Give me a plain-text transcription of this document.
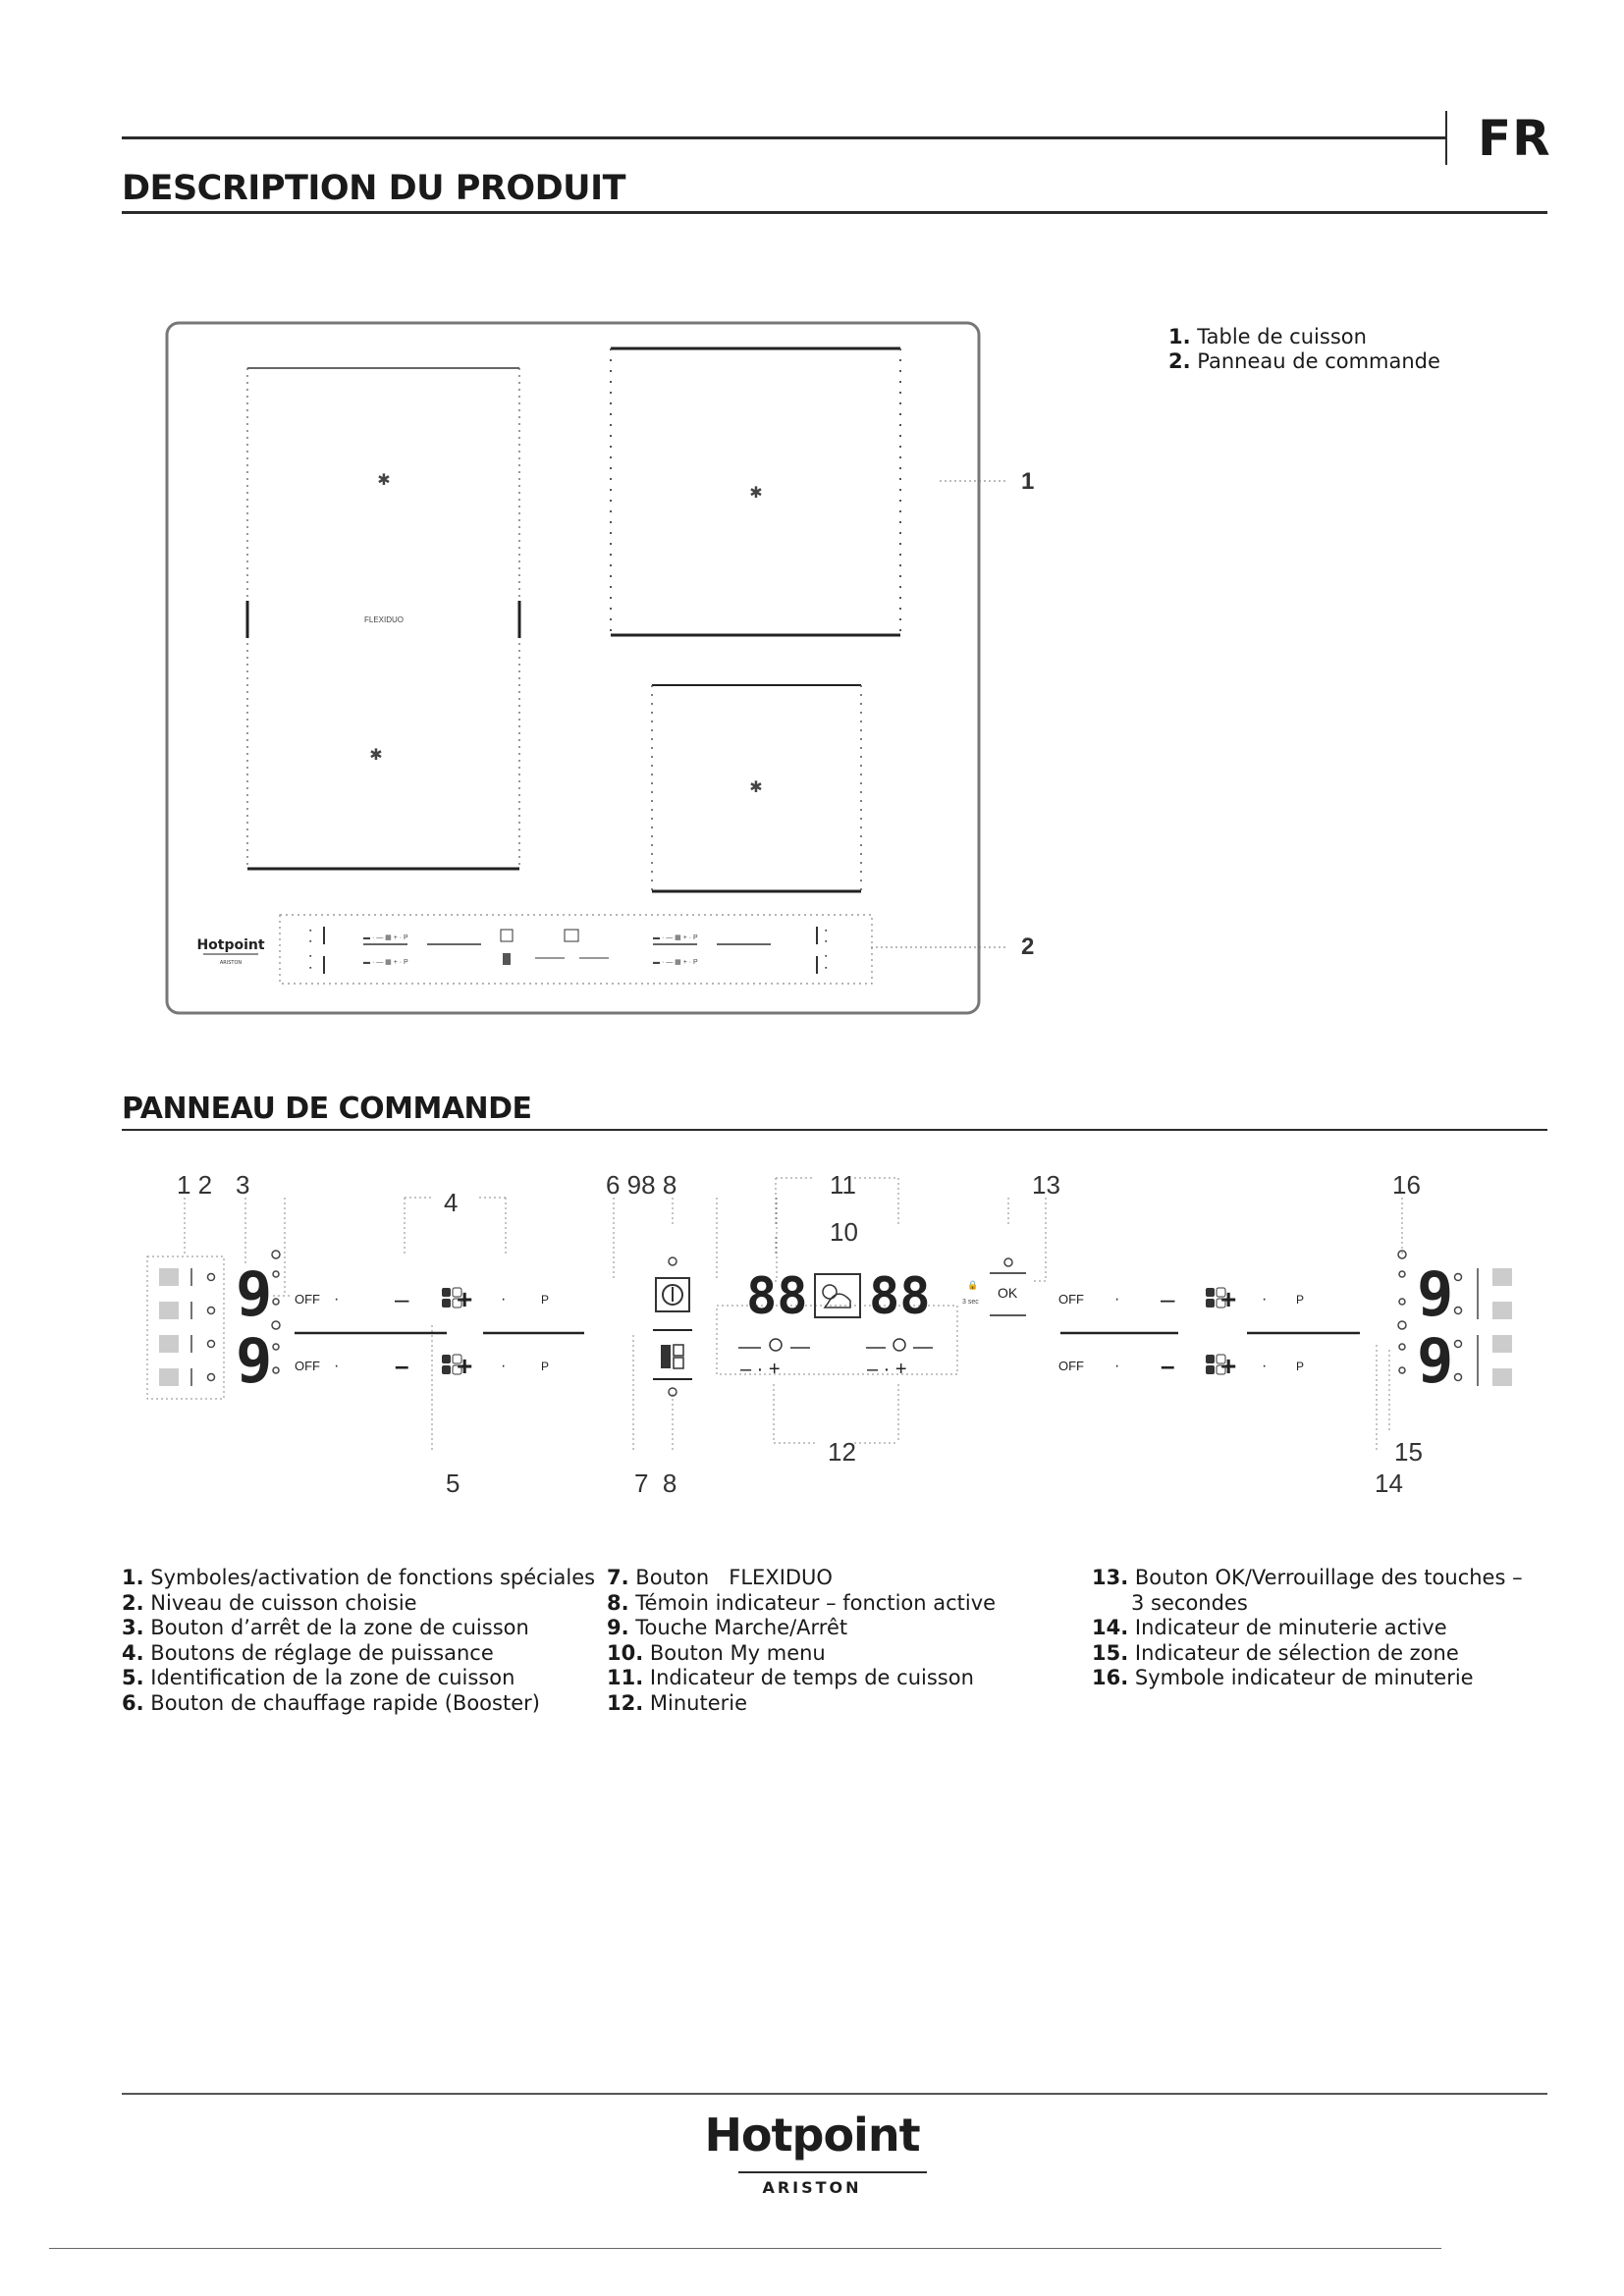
FR
DESCRIPTION DU PRODUIT
✱
✱
FLEXIDUO
✱
✱
Hotpoint
ARISTON
▪
▪
▪
▪
▬ · — ▦ + · P
▬ · — ▦ + · P
▬ · — ▦ + · P
▬ · — ▦ + · P
▪
▪
▪
▪
1
2
1. Table de cuisson
2. Panneau de commande
PANNEAU DE COMMANDE
1 2 3
4
6 98 8	11
10
13	16
5	7  8
12	15
14
9
9
OFF · – + ·	P
OFF · – + ·	P
88 88
– · +	– · +
OK
🔒
3 sec	OFF · – + · P
OFF · – + · P
9
9
1. Symboles/activation de fonctions spéciales
2. Niveau de cuisson choisie
3. Bouton d’arrêt de la zone de cuisson
4. Boutons de réglage de puissance
5. Identification de la zone de cuisson
6. Bouton de chauffage rapide (Booster)
7. Bouton   FLEXIDUO
8. Témoin indicateur – fonction active
9. Touche Marche/Arrêt
10. Bouton My menu
11. Indicateur de temps de cuisson
12. Minuterie
13. Bouton OK/Verrouillage des touches –
3 secondes
14. Indicateur de minuterie active
15. Indicateur de sélection de zone
16. Symbole indicateur de minuterie
Hotpoint
ARISTON
